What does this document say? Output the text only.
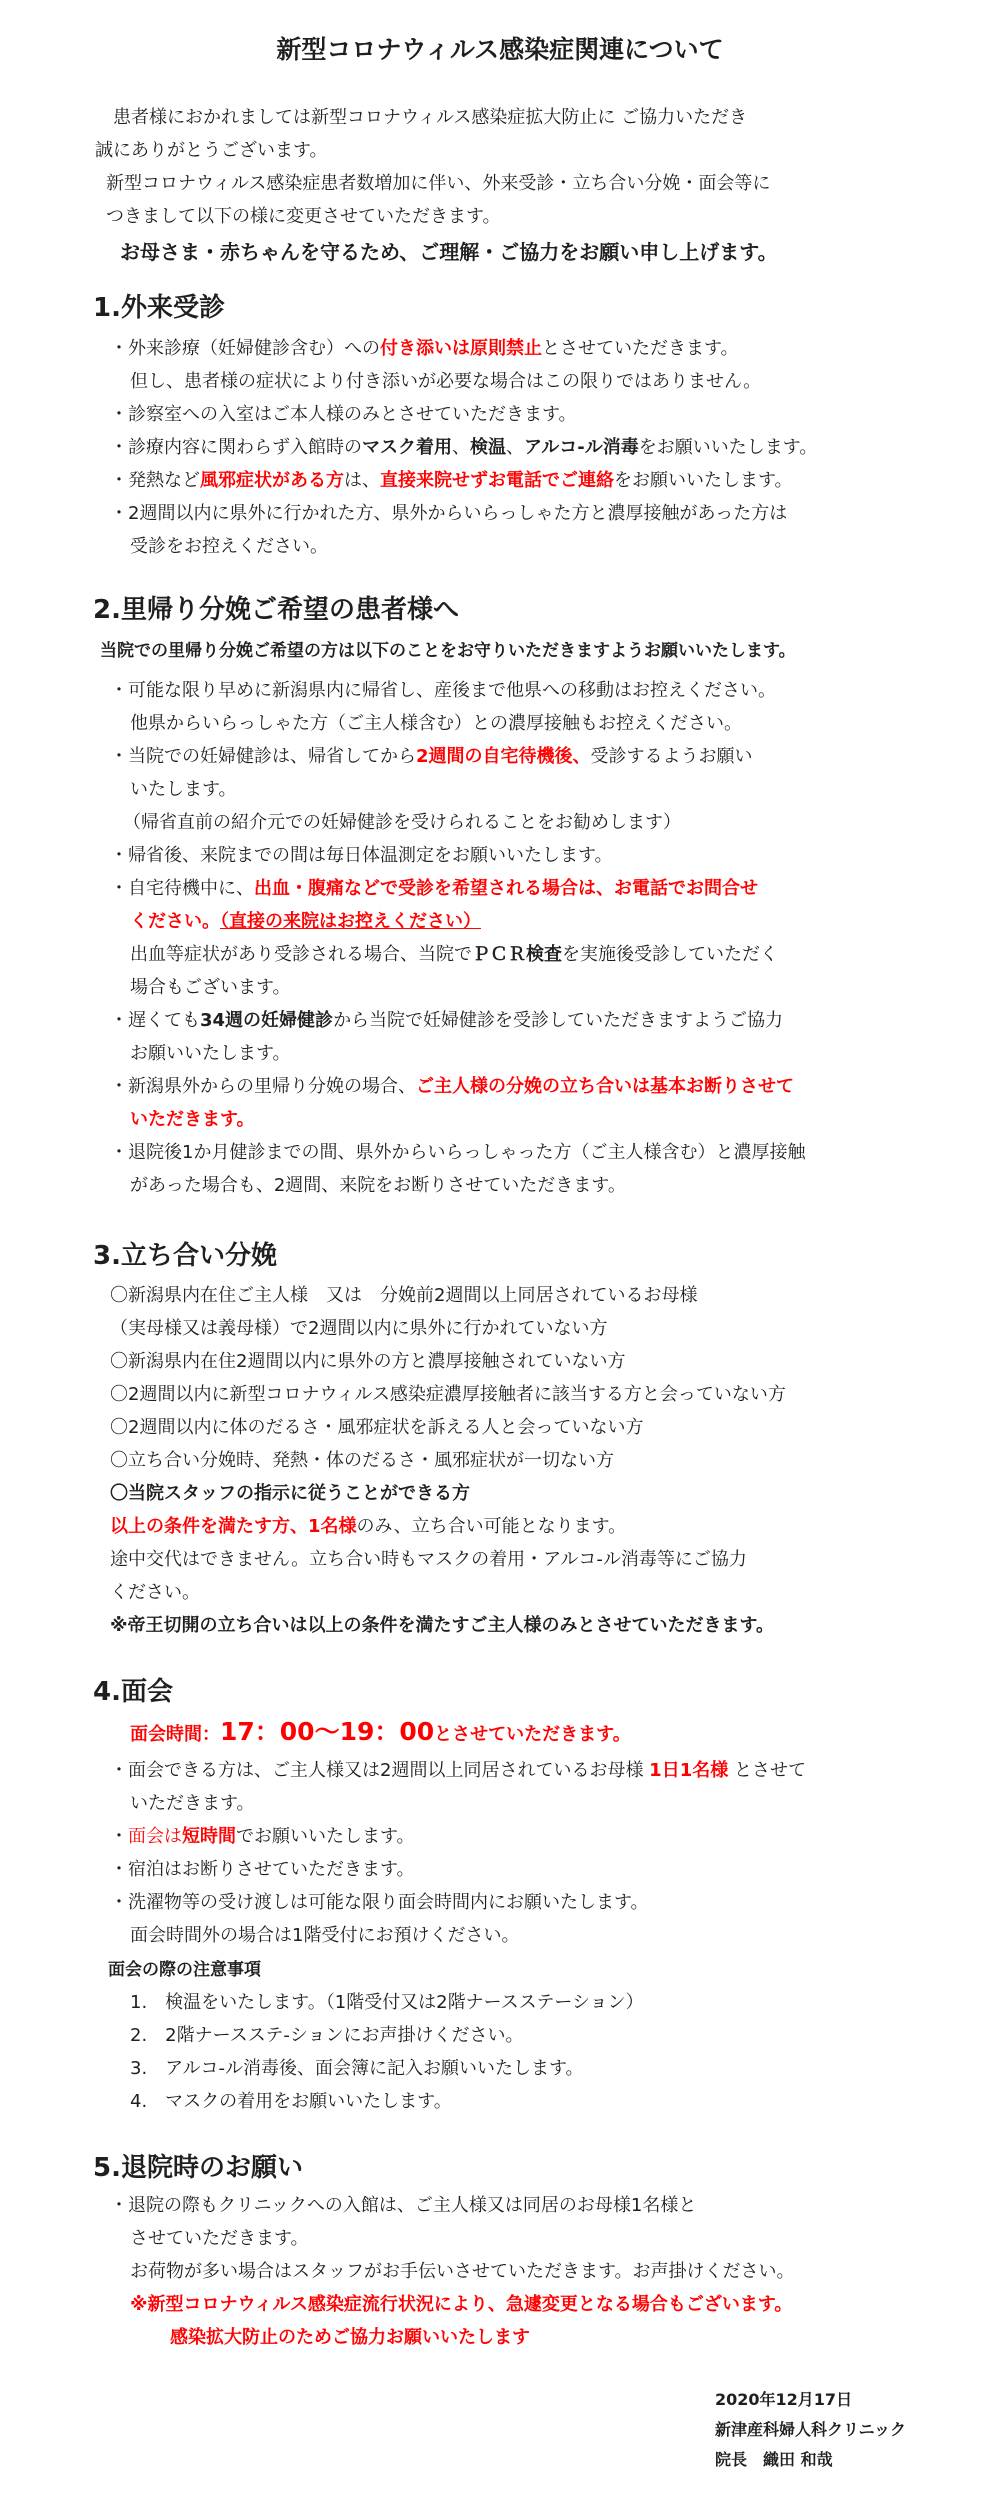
新型コロナウィルス感染症関連について

　患者様におかれましては新型コロナウィルス感染症拡大防止に ご協力いただき

誠にありがとうございます。

新型コロナウィルス感染症患者数増加に伴い、外来受診・立ち合い分娩・面会等に

つきまして以下の様に変更させていただきます。

お母さま・赤ちゃんを守るため、ご理解・ご協力をお願い申し上げます。

1.外来受診

・外来診療（妊婦健診含む）への付き添いは原則禁止とさせていただきます。

但し、患者様の症状により付き添いが必要な場合はこの限りではありません。

・診察室への入室はご本人様のみとさせていただきます。

・診療内容に関わらず入館時のマスク着用、検温、アルコ-ル消毒をお願いいたします。

・発熱など風邪症状がある方は、直接来院せずお電話でご連絡をお願いいたします。

・2週間以内に県外に行かれた方、県外からいらっしゃた方と濃厚接触があった方は

受診をお控えください。

2.里帰り分娩ご希望の患者様へ

当院での里帰り分娩ご希望の方は以下のことをお守りいただきますようお願いいたします。

・可能な限り早めに新潟県内に帰省し、産後まで他県への移動はお控えください。

他県からいらっしゃた方（ご主人様含む）との濃厚接触もお控えください。

・当院での妊婦健診は、帰省してから2週間の自宅待機後、受診するようお願い

いたします。

（帰省直前の紹介元での妊婦健診を受けられることをお勧めします）

・帰省後、来院までの間は毎日体温測定をお願いいたします。

・自宅待機中に、出血・腹痛などで受診を希望される場合は、お電話でお問合せ

ください。（直接の来院はお控えください）

出血等症状があり受診される場合、当院でＰＣＲ検査を実施後受診していただく

場合もございます。

・遅くても34週の妊婦健診から当院で妊婦健診を受診していただきますようご協力

お願いいたします。

・新潟県外からの里帰り分娩の場合、ご主人様の分娩の立ち合いは基本お断りさせて

いただきます。

・退院後1か月健診までの間、県外からいらっしゃった方（ご主人様含む）と濃厚接触

があった場合も、2週間、来院をお断りさせていただきます。

3.立ち合い分娩

〇新潟県内在住ご主人様　又は　分娩前2週間以上同居されているお母様

（実母様又は義母様）で2週間以内に県外に行かれていない方

〇新潟県内在住2週間以内に県外の方と濃厚接触されていない方

〇2週間以内に新型コロナウィルス感染症濃厚接触者に該当する方と会っていない方

〇2週間以内に体のだるさ・風邪症状を訴える人と会っていない方

〇立ち合い分娩時、発熱・体のだるさ・風邪症状が一切ない方

〇当院スタッフの指示に従うことができる方

以上の条件を満たす方、1名様のみ、立ち合い可能となります。

途中交代はできません。立ち合い時もマスクの着用・アルコ-ル消毒等にご協力

ください。

※帝王切開の立ち合いは以上の条件を満たすご主人様のみとさせていただきます。

4.面会

面会時間：17：00～19：00とさせていただきます。

・面会できる方は、ご主人様又は2週間以上同居されているお母様 1日1名様 とさせて

いただきます。

・面会は短時間でお願いいたします。

・宿泊はお断りさせていただきます。

・洗濯物等の受け渡しは可能な限り面会時間内にお願いたします。

面会時間外の場合は1階受付にお預けください。

面会の際の注意事項

1.　検温をいたします。（1階受付又は2階ナースステーション）

2.　2階ナースステ-ションにお声掛けください。

3.　アルコ-ル消毒後、面会簿に記入お願いいたします。

4.　マスクの着用をお願いいたします。

5.退院時のお願い

・退院の際もクリニックへの入館は、ご主人様又は同居のお母様1名様と

させていただきます。

お荷物が多い場合はスタッフがお手伝いさせていただきます。お声掛けください。

※新型コロナウィルス感染症流行状況により、急遽変更となる場合もございます。

感染拡大防止のためご協力お願いいたします

2020年12月17日

新津産科婦人科クリニック

院長　織田 和哉
